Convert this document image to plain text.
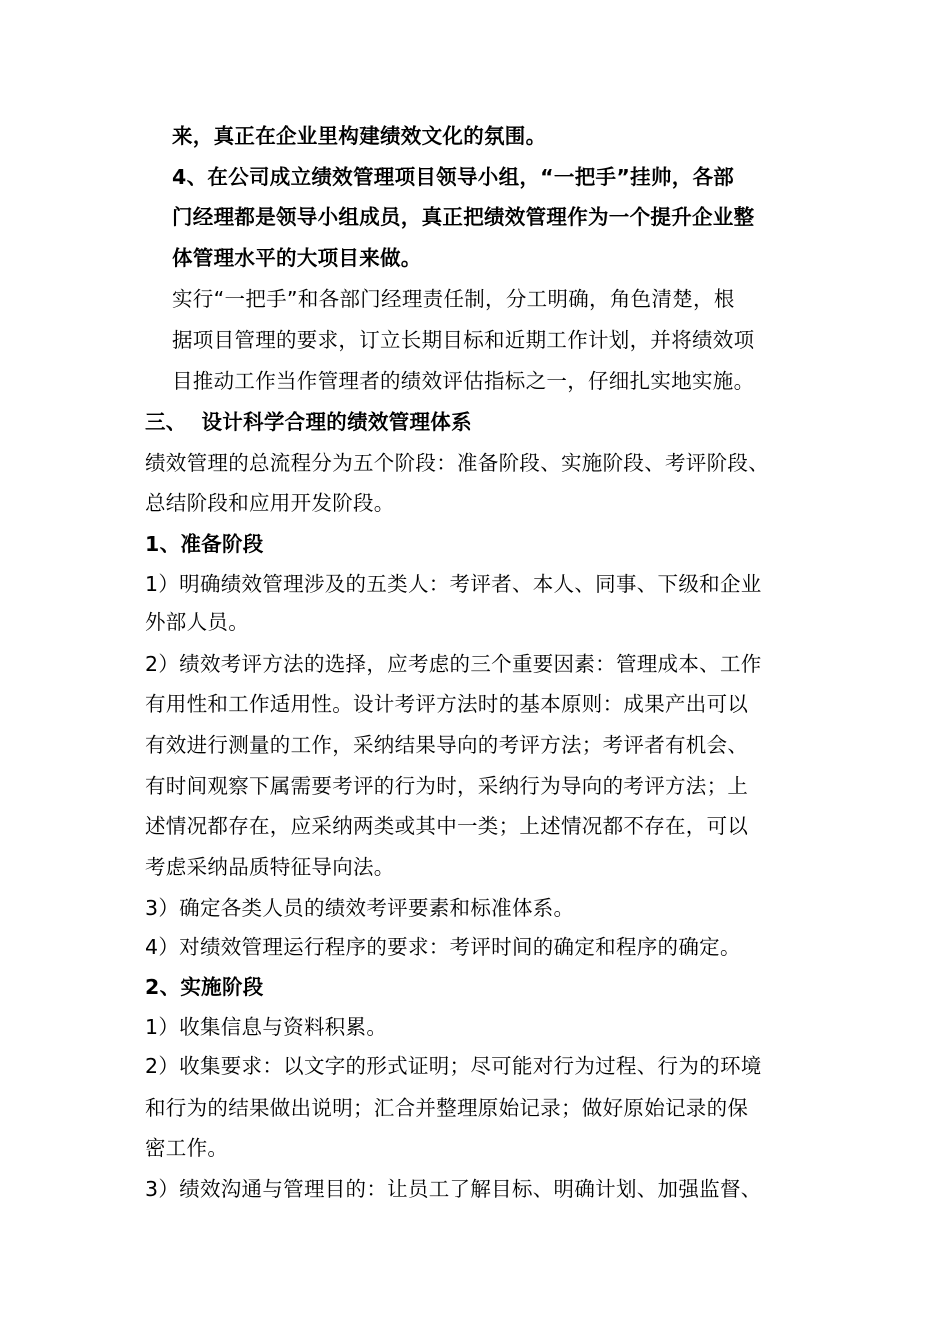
来，真正在企业里构建绩效文化的氛围。
4、在公司成立绩效管理项目领导小组，“一把手”挂帅，各部
门经理都是领导小组成员，真正把绩效管理作为一个提升企业整
体管理水平的大项目来做。
实行“一把手”和各部门经理责任制，分工明确，角色清楚，根
据项目管理的要求，订立长期目标和近期工作计划，并将绩效项
目推动工作当作管理者的绩效评估指标之一，仔细扎实地实施。
三、  设计科学合理的绩效管理体系
绩效管理的总流程分为五个阶段：准备阶段、实施阶段、考评阶段、
总结阶段和应用开发阶段。
1、准备阶段
1）明确绩效管理涉及的五类人：考评者、本人、同事、下级和企业
外部人员。
2）绩效考评方法的选择，应考虑的三个重要因素：管理成本、工作
有用性和工作适用性。设计考评方法时的基本原则：成果产出可以
有效进行测量的工作，采纳结果导向的考评方法；考评者有机会、
有时间观察下属需要考评的行为时，采纳行为导向的考评方法；上
述情况都存在，应采纳两类或其中一类；上述情况都不存在，可以
考虑采纳品质特征导向法。
3）确定各类人员的绩效考评要素和标准体系。
4）对绩效管理运行程序的要求：考评时间的确定和程序的确定。
2、实施阶段
1）收集信息与资料积累。
2）收集要求：以文字的形式证明；尽可能对行为过程、行为的环境
和行为的结果做出说明；汇合并整理原始记录；做好原始记录的保
密工作。
3）绩效沟通与管理目的：让员工了解目标、明确计划、加强监督、
